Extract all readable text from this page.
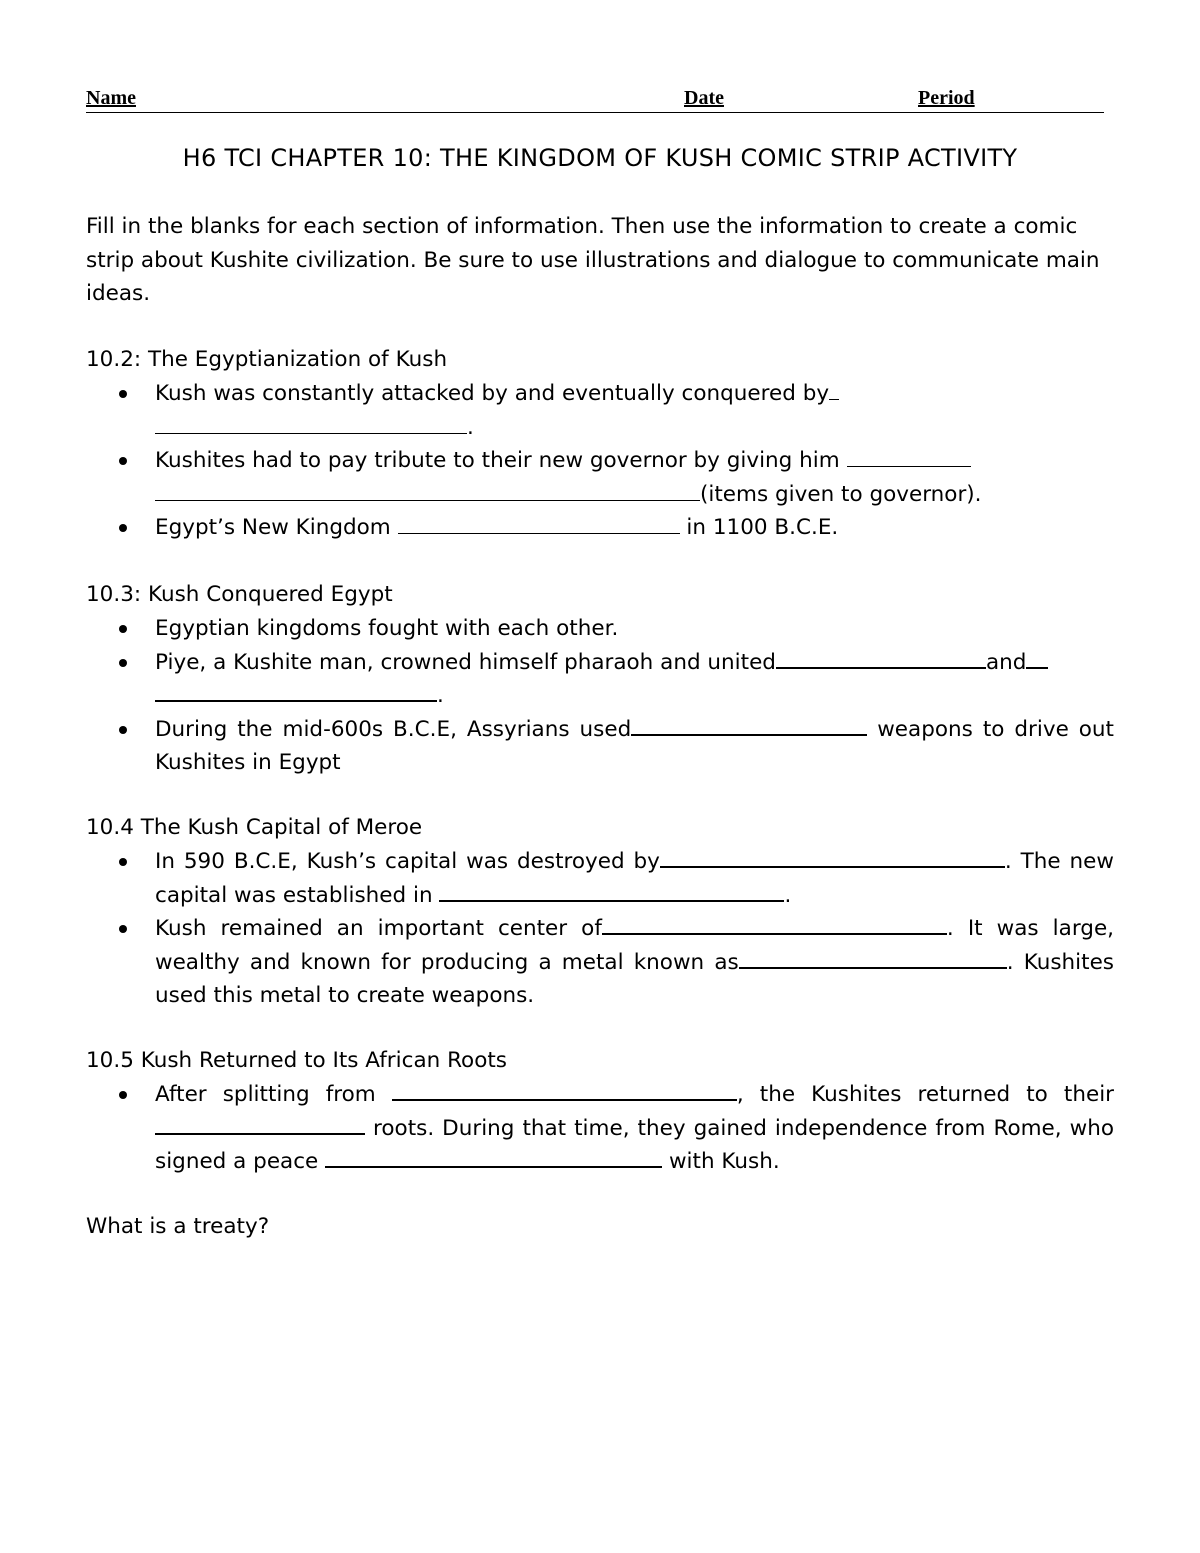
Name	Date	Period
H6 TCI CHAPTER 10: THE KINGDOM OF KUSH COMIC STRIP ACTIVITY
Fill in the blanks for each section of information. Then use the information to create a comic strip about Kushite civilization. Be sure to use illustrations and dialogue to communicate main ideas.
10.2: The Egyptianization of Kush
Kush was constantly attacked by and eventually conquered by
.
Kushites had to pay tribute to their new governor by giving him
(items given to governor).
Egypt’s New Kingdom	in 1100 B.C.E.
10.3: Kush Conquered Egypt
Egyptian kingdoms fought with each other.
Piye, a Kushite man, crowned himself pharaoh and united	and
.
During the mid-600s B.C.E, Assyrians used	weapons to drive out Kushites in Egypt
10.4 The Kush Capital of Meroe
In 590 B.C.E, Kush’s capital was destroyed by	. The new capital was established in	.
Kush remained an important center of	. It was large, wealthy and known for producing a metal known as	. Kushites used this metal to create weapons.
10.5 Kush Returned to Its African Roots
After splitting from	, the Kushites returned to their  roots. During that time, they gained independence from Rome, who signed a peace	with Kush.
What is a treaty?
